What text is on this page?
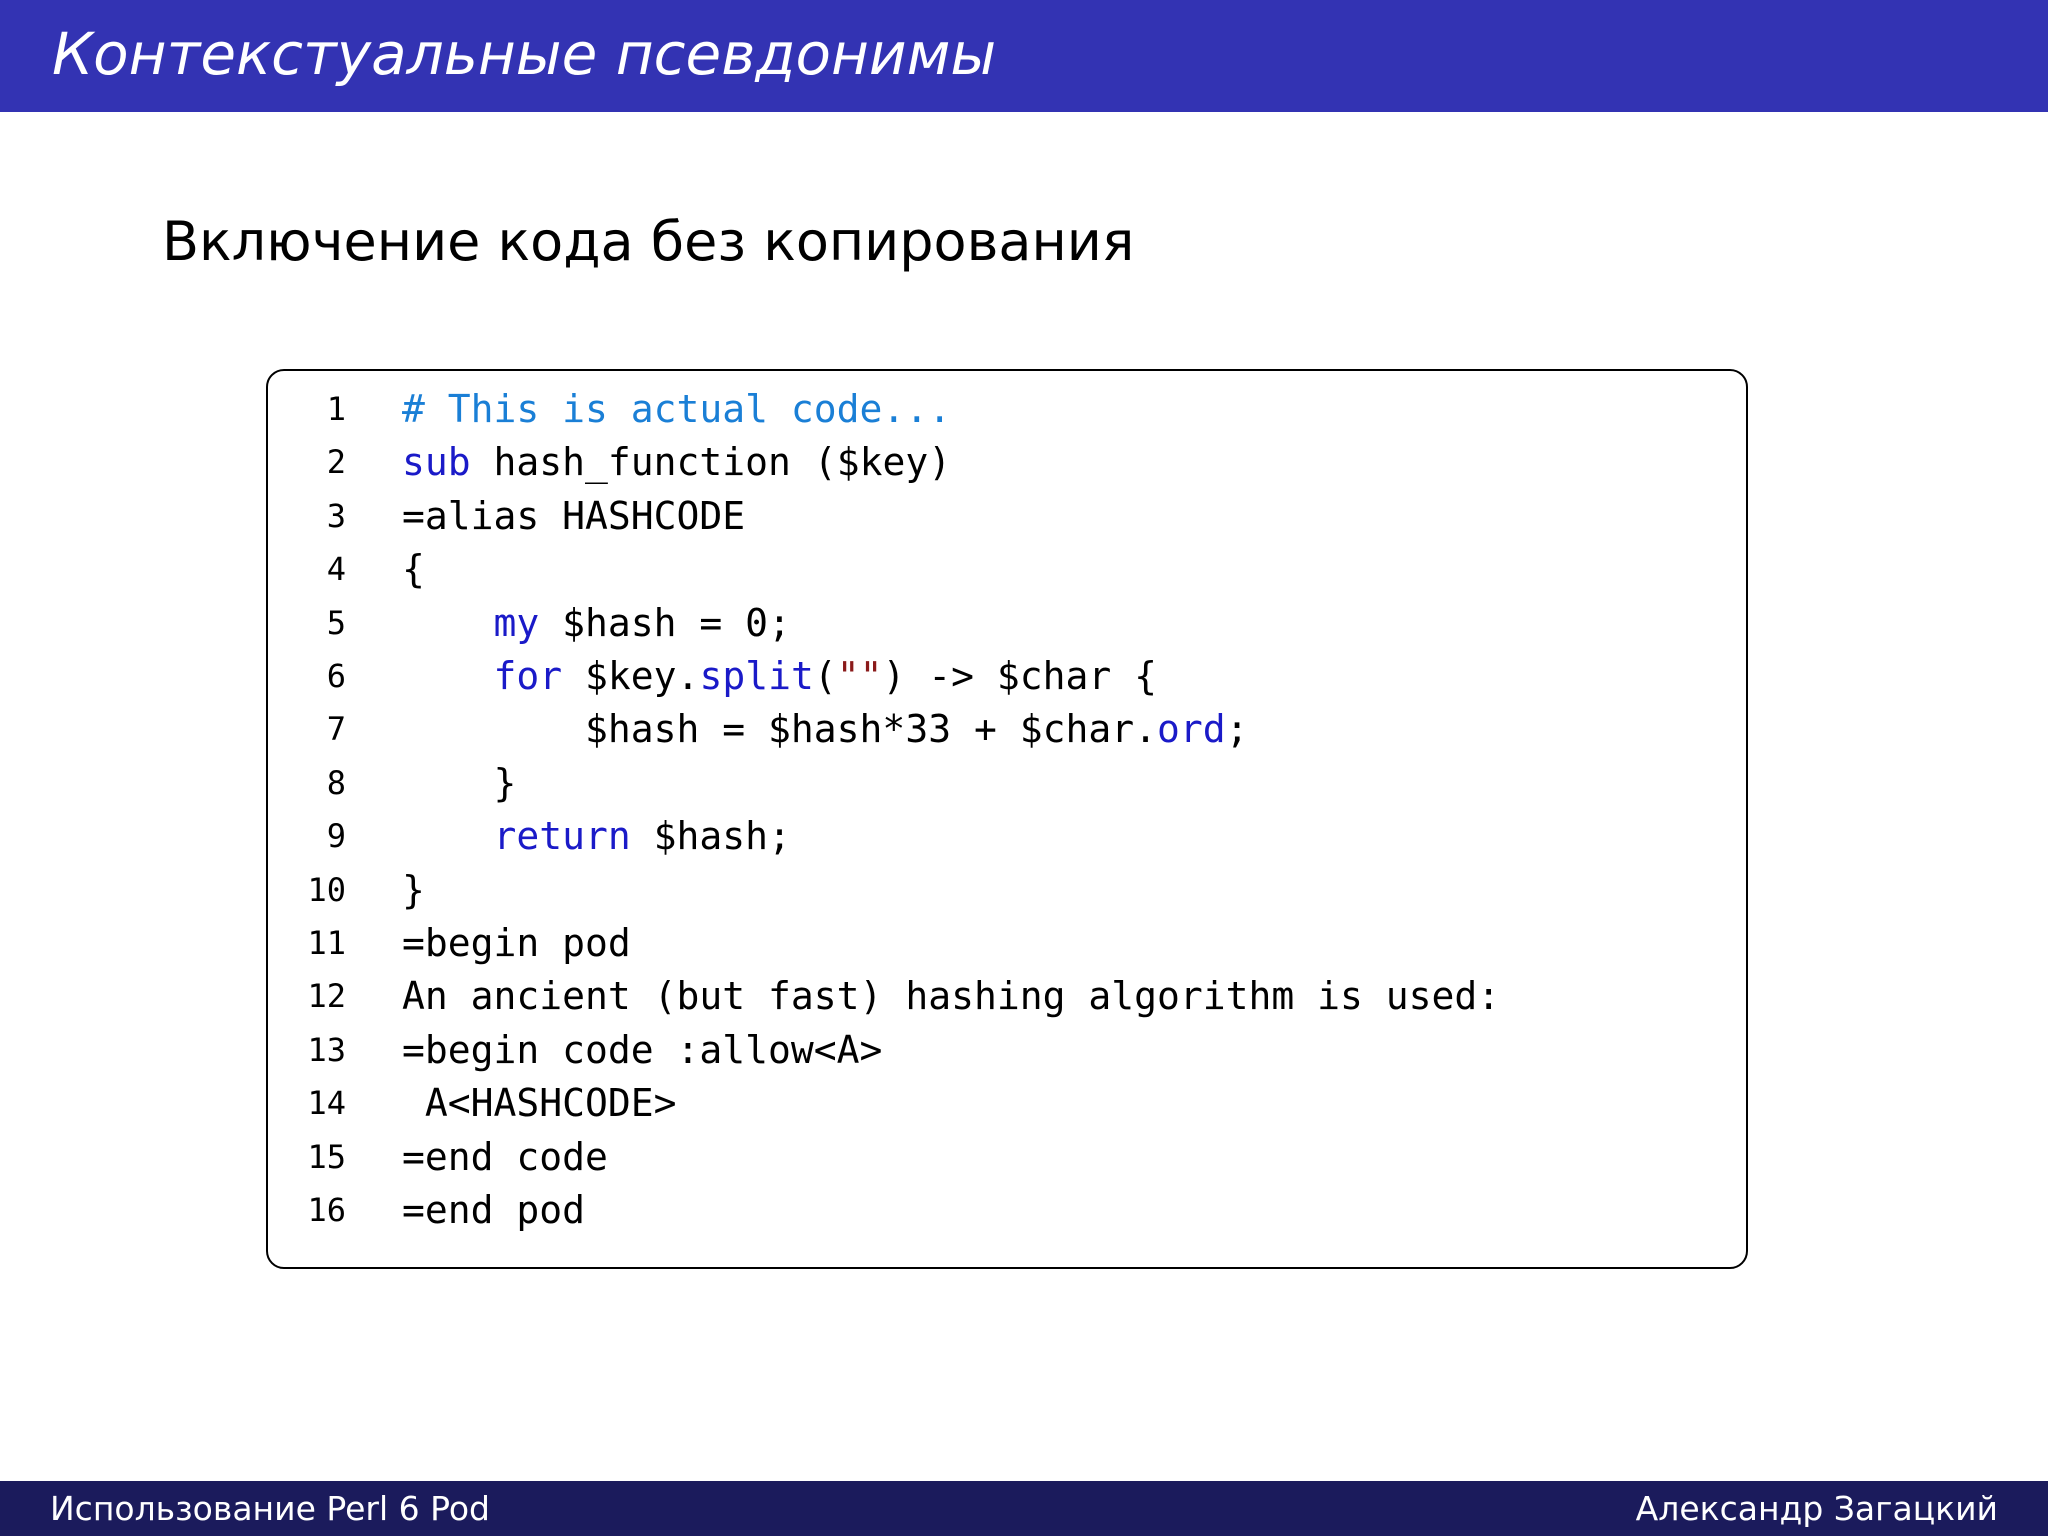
Контекстуальные псевдонимы
Включение кода без копирования
1 # This is actual code...
2 sub hash_function ($key)
3 =alias HASHCODE
4 {
5	my $hash = 0;
6	for $key.split("") -> $char {
7 $hash = $hash*33 + $char.ord;
8 }
9	return $hash;
10 }
11 =begin pod
12 An ancient (but fast) hashing algorithm is used:
13 =begin code :allow<A>
14 A<HASHCODE>
15 =end code
16 =end pod
Использование Perl 6 Pod	Александр Загацкий
